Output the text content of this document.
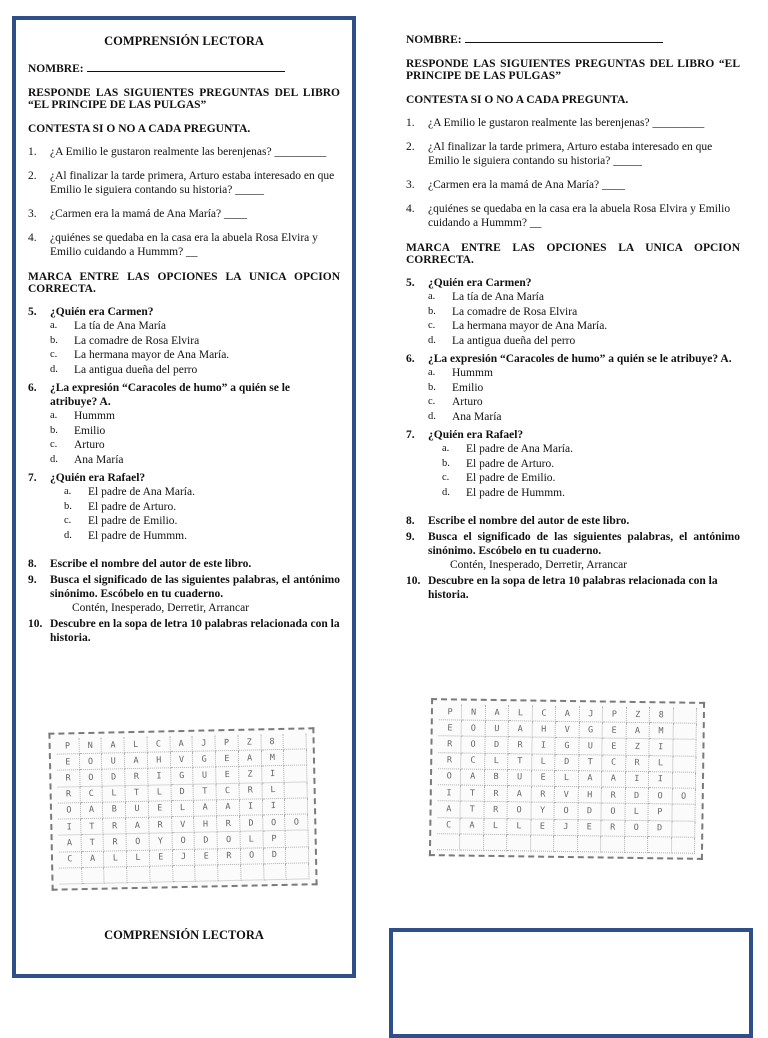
COMPRENSIÓN LECTORA
NOMBRE:
RESPONDE LAS SIGUIENTES PREGUNTAS DEL LIBRO “EL PRINCIPE DE LAS PULGAS”
CONTESTA SI O NO A CADA PREGUNTA.
1.	¿A Emilio le gustaron realmente las berenjenas? _________
2.	¿Al finalizar la tarde primera, Arturo estaba interesado en que Emilio le siguiera contando su historia? _____
3.	¿Carmen era la mamá de Ana María? ____
4.	¿quiénes se quedaba en la casa era la abuela Rosa Elvira y Emilio cuidando a Hummm? __
MARCA ENTRE LAS OPCIONES LA UNICA OPCION CORRECTA.
5.	¿Quién era Carmen?
a.	La tía de Ana María
b.	La comadre de Rosa Elvira
c.	La hermana mayor de Ana María.
d.	La antigua dueña del perro
6.	¿La expresión “Caracoles de humo” a quién se le atribuye? A.
a.	Hummm
b.	Emilio
c.	Arturo
d.	Ana María
7.	¿Quién era Rafael?
a.	El padre de Ana María.
b.	El padre de Arturo.
c.	El padre de Emilio.
d.	El padre de Hummm.
8.	Escribe el nombre del autor de este libro.
9.	Busca el significado de las siguientes palabras, el antónimo sinónimo. Escóbelo en tu cuaderno.
Contén, Inesperado, Derretir, Arrancar
10. Descubre en la sopa de letra 10 palabras relacionada con la historia.
COMPRENSIÓN LECTORA
NOMBRE:
RESPONDE LAS SIGUIENTES PREGUNTAS DEL LIBRO “EL PRINCIPE DE LAS PULGAS”
CONTESTA SI O NO A CADA PREGUNTA.
1.	¿A Emilio le gustaron realmente las berenjenas? _________
2.	¿Al finalizar la tarde primera, Arturo estaba interesado en que Emilio le siguiera contando su historia? _____
3.	¿Carmen era la mamá de Ana María? ____
4.	¿quiénes se quedaba en la casa era la abuela Rosa Elvira y Emilio cuidando a Hummm? __
MARCA ENTRE LAS OPCIONES LA UNICA OPCION CORRECTA.
5.	¿Quién era Carmen?
a.	La tía de Ana María
b.	La comadre de Rosa Elvira
c.	La hermana mayor de Ana María.
d.	La antigua dueña del perro
6.	¿La expresión “Caracoles de humo” a quién se le atribuye? A.
a.	Hummm
b.	Emilio
c.	Arturo
d.	Ana María
7.	¿Quién era Rafael?
a.	El padre de Ana María.
b.	El padre de Arturo.
c.	El padre de Emilio.
d.	El padre de Hummm.
8.	Escribe el nombre del autor de este libro.
9.	Busca el significado de las siguientes palabras, el antónimo sinónimo. Escóbelo en tu cuaderno.
Contén, Inesperado, Derretir, Arrancar
10. Descubre en la sopa de letra 10 palabras relacionada con la historia.
P	N	A	L	C	A	J	P	Z	8
E	O	U	A	H	V	G	E	A	M
R	O	D	R	I	G	U	E	Z	I
R	C	L	T	L	D	T	C	R	L
O	A	B	U	E	L	A	A	I	I
I	T	R	A	R	V	H	R	D	O	O
A	T	R	O	Y	O	D	O	L	P
C	A	L	L	E	J	E	R	O	D
P	N	A	L	C	A	J	P	Z	8
E	O	U	A	H	V	G	E	A	M
R	O	D	R	I	G	U	E	Z	I
R	C	L	T	L	D	T	C	R	L
O	A	B	U	E	L	A	A	I	I
I	T	R	A	R	V	H	R	D	O	O
A	T	R	O	Y	O	D	O	L	P
C	A	L	L	E	J	E	R	O	D
